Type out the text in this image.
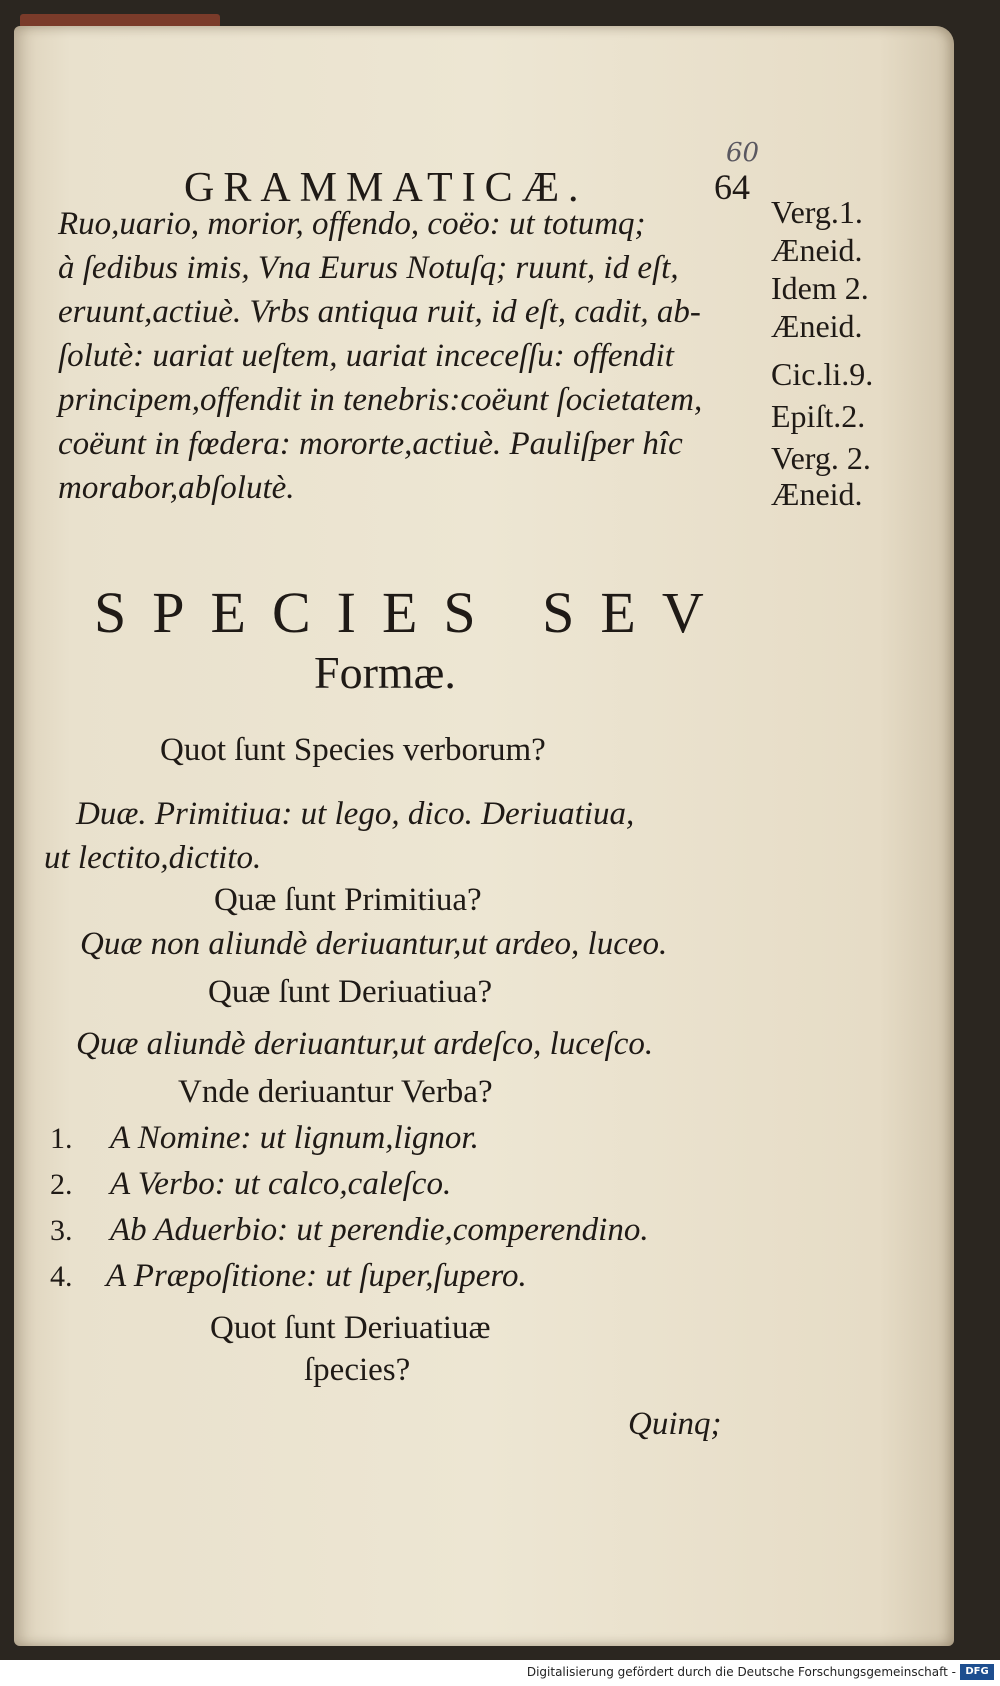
60
GRAMMATICÆ.	64
Ruo,uario, morior, offendo, coëo: ut totumq;
à ſedibus imis, Vna Eurus Notuſq; ruunt, id eſt,
eruunt,actiuè. Vrbs antiqua ruit, id eſt, cadit, ab-
ſolutè: uariat ueſtem, uariat inceceſſu: offendit
principem,offendit in tenebris:coëunt ſocietatem,
coëunt in fœdera: mororte,actiuè. Pauliſper hîc
morabor,abſolutè.
Verg.1.
Æneid.
Idem 2.
Æneid.
Cic.li.9.
Epiſt.2.
Verg. 2.
Æneid.
SPECIES SEV
Formæ.
Quot ſunt Species verborum?
Duæ. Primitiua: ut lego, dico. Deriuatiua,
ut lectito,dictito.
Quæ ſunt Primitiua?
Quæ non aliundè deriuantur,ut ardeo, luceo.
Quæ ſunt Deriuatiua?
Quæ aliundè deriuantur,ut ardeſco, luceſco.
Vnde deriuantur Verba?
1. A Nomine: ut lignum,lignor.
2. A Verbo: ut calco,caleſco.
3. Ab Aduerbio: ut perendie,comperendino.
4. A Præpoſitione: ut ſuper,ſupero.
Quot ſunt Deriuatiuæ
ſpecies?
Quinq;
Digitalisierung gefördert durch die Deutsche Forschungsgemeinschaft - DFG
